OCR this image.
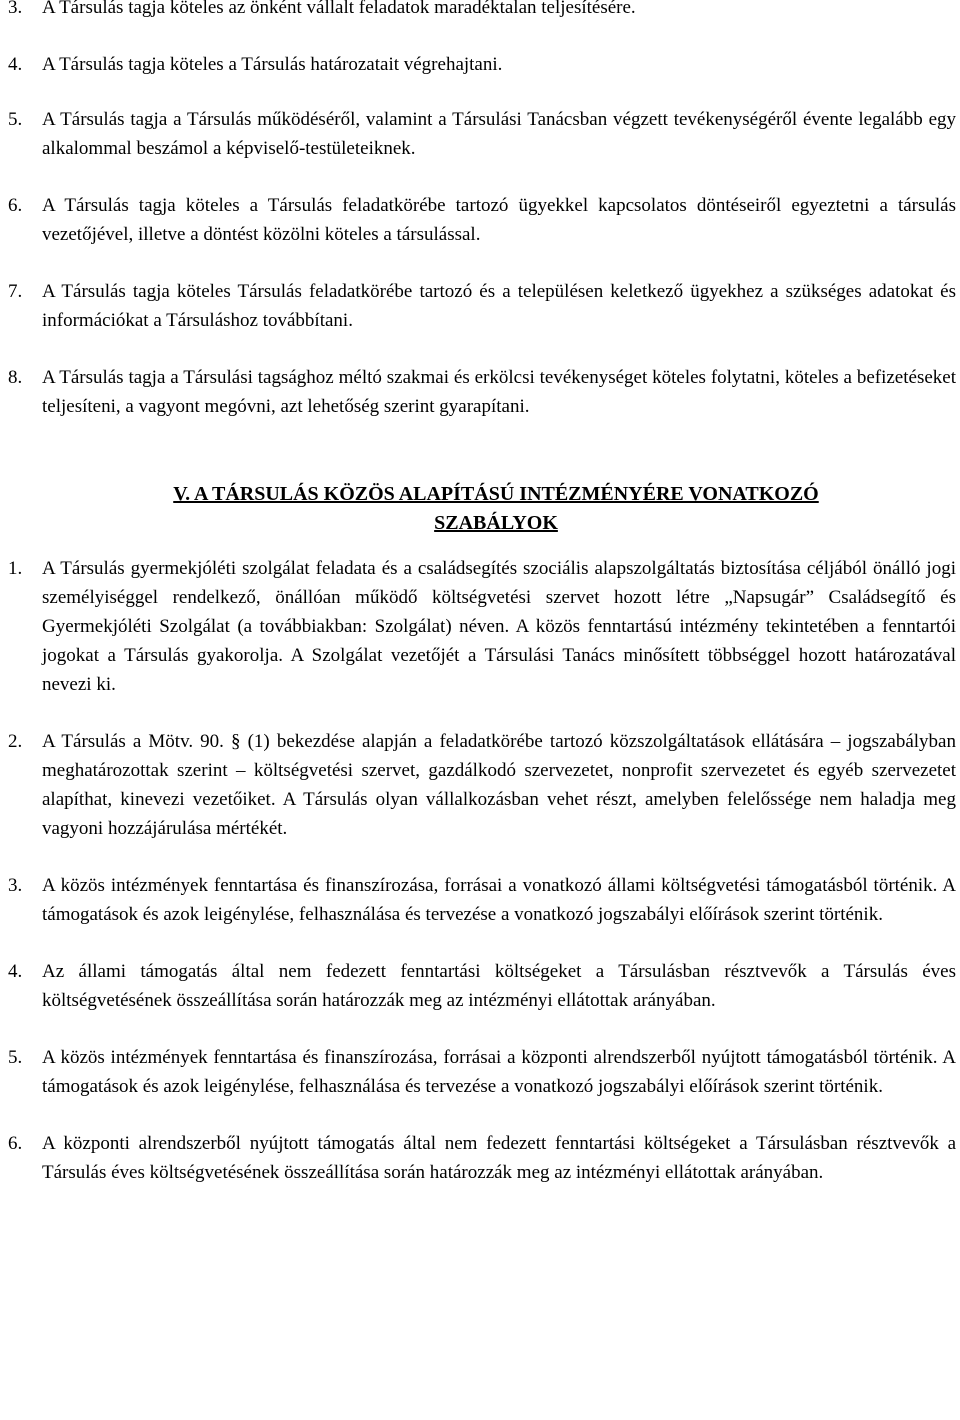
3.	A Társulás tagja köteles az önként vállalt feladatok maradéktalan teljesítésére.
4.	A Társulás tagja köteles a Társulás határozatait végrehajtani.
5.	A Társulás tagja a Társulás működéséről, valamint a Társulási Tanácsban végzett tevékenységéről évente legalább egy alkalommal beszámol a képviselő-testületeiknek.
6.	A Társulás tagja köteles a Társulás feladatkörébe tartozó ügyekkel kapcsolatos döntéseiről egyeztetni a társulás vezetőjével, illetve a döntést közölni köteles a társulással.
7.	A Társulás tagja köteles Társulás feladatkörébe tartozó és a településen keletkező ügyekhez a szükséges adatokat és információkat a Társuláshoz továbbítani.
8.	A Társulás tagja a Társulási tagsághoz méltó szakmai és erkölcsi tevékenységet köteles folytatni, köteles a befizetéseket teljesíteni, a vagyont megóvni, azt lehetőség szerint gyarapítani.
V. A TÁRSULÁS KÖZÖS ALAPÍTÁSÚ INTÉZMÉNYÉRE VONATKOZÓ
SZABÁLYOK
1.	A Társulás gyermekjóléti szolgálat feladata és a családsegítés szociális alapszolgáltatás biztosítása céljából önálló jogi személyiséggel rendelkező, önállóan működő költségvetési szervet hozott létre „Napsugár” Családsegítő és Gyermekjóléti Szolgálat (a továbbiakban: Szolgálat) néven. A közös fenntartású intézmény tekintetében a fenntartói jogokat a Társulás gyakorolja. A Szolgálat vezetőjét a Társulási Tanács minősített többséggel hozott határozatával nevezi ki.
2.	A Társulás a Mötv. 90. § (1) bekezdése alapján a feladatkörébe tartozó közszolgáltatások ellátására – jogszabályban meghatározottak szerint – költségvetési szervet, gazdálkodó szervezetet, nonprofit szervezetet és egyéb szervezetet alapíthat, kinevezi vezetőiket. A Társulás olyan vállalkozásban vehet részt, amelyben felelőssége nem haladja meg vagyoni hozzájárulása mértékét.
3.	A közös intézmények fenntartása és finanszírozása, forrásai a vonatkozó állami költségvetési támogatásból történik. A támogatások és azok leigénylése, felhasználása és tervezése a vonatkozó jogszabályi előírások szerint történik.
4.	Az állami támogatás által nem fedezett fenntartási költségeket a Társulásban résztvevők a Társulás éves költségvetésének összeállítása során határozzák meg az intézményi ellátottak arányában.
5.	A közös intézmények fenntartása és finanszírozása, forrásai a központi alrendszerből nyújtott támogatásból történik. A támogatások és azok leigénylése, felhasználása és tervezése a vonatkozó jogszabályi előírások szerint történik.
6.	A központi alrendszerből nyújtott támogatás által nem fedezett fenntartási költségeket a Társulásban résztvevők a Társulás éves költségvetésének összeállítása során határozzák meg az intézményi ellátottak arányában.
